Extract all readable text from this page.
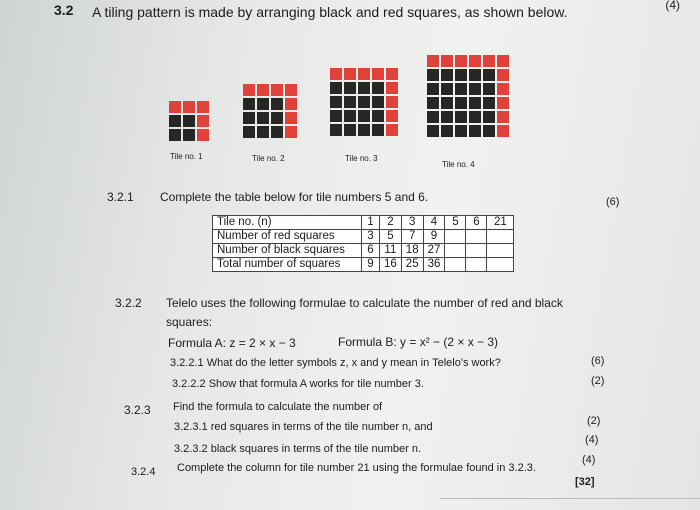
3.2 A tiling pattern is made by arranging black and red squares, as shown below.	(4)
Tile no. 1	Tile no. 2	Tile no. 3
Tile no. 4
3.2.1 Complete the table below for tile numbers 5 and 6.	(6)
Tile no. (n)	1	2	3	4	5	6	21
Number of red squares	3	5	7	9			
Number of black squares	6	11	18	27			
Total number of squares	9	16	25	36			
3.2.2 Telelo uses the following formulae to calculate the number of red and black
squares:
Formula A: z = 2 × x − 3	Formula B: y = x² − (2 × x − 3)
3.2.2.1 What do the letter symbols z, x and y mean in Telelo's work?	(6)
3.2.2.2 Show that formula A works for tile number 3.	(2)
3.2.3 Find the formula to calculate the number of
3.2.3.1 red squares in terms of the tile number n, and	(2)
3.2.3.2 black squares in terms of the tile number n.
(4)
3.2.4 Complete the column for tile number 21 using the formulae found in 3.2.3.
(4)
[32]
